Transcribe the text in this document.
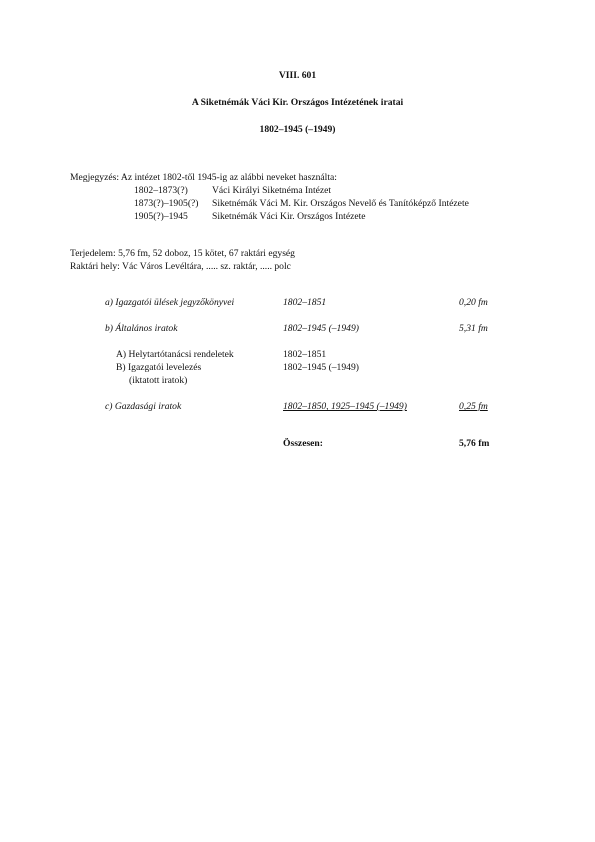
VIII. 601
A Siketnémák Váci Kir. Országos Intézetének iratai
1802–1945 (–1949)
Megjegyzés: Az intézet 1802-től 1945-ig az alábbi neveket használta:
1802–1873(?)	Váci Királyi Siketnéma Intézet
1873(?)–1905(?) Siketnémák Váci M. Kir. Országos Nevelő és Tanítóképző Intézete
1905(?)–1945	Siketnémák Váci Kir. Országos Intézete
Terjedelem: 5,76 fm, 52 doboz, 15 kötet, 67 raktári egység
Raktári hely: Vác Város Levéltára, ..... sz. raktár, ..... polc
a) Igazgatói ülések jegyzőkönyvei	1802–1851	0,20 fm
b) Általános iratok	1802–1945 (–1949)	5,31 fm
A) Helytartótanácsi rendeletek	1802–1851
B) Igazgatói levelezés	1802–1945 (–1949)
(iktatott iratok)
c) Gazdasági iratok	1802–1850, 1925–1945 (–1949)	0,25 fm
Összesen:	5,76 fm
